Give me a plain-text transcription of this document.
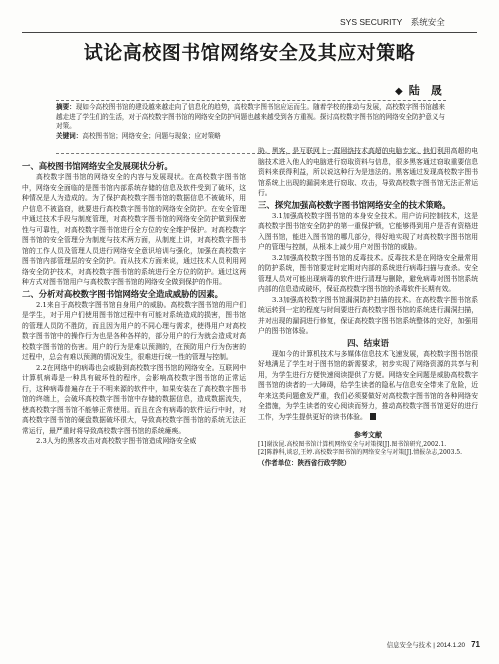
SYS SECURITY　系统安全
试论高校图书馆网络安全及其应对策略
◆ 陆　晟
摘要：现如今高校图书馆的建设越来越走向了信息化的趋势，高校数字图书馆应运而生。随着学校的推动与发展，高校数字图书馆越来越走进了学生们的生活，对于高校数字图书馆的网络安全防护问题也越来越受到各方重视。探讨高校数字图书馆的网络安全防护意义与对策。
关键词：高校图书馆；网络安全；问题与现象；应对策略

一、高校图书馆网络安全发展现状分析。

高校数字图书馆的网络安全的内容与发展现状。在高校数字图书馆中，网络安全面临的是图书馆内部系统存储的信息及软件受到了破坏，这种情况是人为造成的。为了保护高校数字图书馆的数据信息不被破坏，用户信息不被盗窃，就要进行高校数字图书馆的网络安全防护。在安全管理中通过技术手段与制度管理，对高校数字图书馆的网络安全防护做到保密性与可靠性，对高校数字图书馆进行全方位的安全维护保护。对高校数字图书馆的安全管理分为制度与技术两方面，从制度上讲，对高校数字图书馆的工作人员及管理人员进行网络安全意识培训与强化，加强在高校数字图书馆内部管理层的安全防护。而从技术方面来说，通过技术人员利用网络安全防护技术，对高校数字图书馆的系统进行全方位的防护。通过这两种方式对图书馆用户与高校数字图书馆的网络安全做到保护的作用。

二、分析对高校数字图书馆网络安全造成威胁的因素。

2.1来自于高校数字图书馆自身用户的威胁。高校数字图书馆的用户们是学生，对于用户们使用图书馆过程中有可能对系统造成的损害，图书馆的管理人员防不胜防，而且因为用户的不同心理与需求，使得用户对高校数字图书馆中的操作行为也是各种各样的，部分用户的行为就会造成对高校数字图书馆的伤害。用户的行为是难以预测的，在预防用户行为伤害的过程中，总会有难以预测的情况发生，很难进行统一性的管理与控制。

2.2在网络中的病毒也会威胁到高校数字图书馆的网络安全。互联网中计算机病毒是一种具有破坏性的程序，会影响高校数字图书馆的正常运行，这种病毒普遍存在于不明来源的软件中，如果安装在了高校数字图书馆的终端上，会破坏高校数字图书馆中存储的数据信息，造成数据流失，使高校数字图书馆不能够正常使用。而且在含有病毒的软件运行中时，对高校数字图书馆的硬盘数据破坏很大，导致高校数字图书馆的系统无法正常运行，最严重时将导致高校数字图书馆的系统瘫痪。

2.3人为的黑客攻击对高校数字图书馆造成网络安全威

胁。黑客，是互联网上一群网络技术高超的电脑专家。他们利用高超的电脑技术进入他人的电脑进行窃取资料与信息，很多黑客通过窃取重要信息资料来获得利益，所以说这种行为是违法的。黑客通过发现高校数字图书馆系统上出现的漏洞来进行窃取、攻击，导致高校数字图书馆无法正常运行。

三、探究加强高校数字图书馆网络安全的技术策略。

3.1加强高校数字图书馆的本身安全技术。用户访问控制技术，这是高校数字图书馆安全防护的第一重保护锁，它能够得到用户是否有资格进入图书馆，能进入图书馆的哪几部分，得好地实现了对高校数字图书馆用户的管理与控制，从根本上减少用户对图书馆的威胁。

3.2加强高校数字图书馆的反毒技术。反毒技术是在网络安全最常用的防护系统，图书馆要定时定期对内部的系统进行病毒扫描与查杀。安全管理人员对可能出现病毒的软件进行清理与删除，避免病毒对图书馆系统内部的信息造成破坏，保证高校数字图书馆的杀毒软件长期有效。

3.3加强高校数字图书馆漏洞防护扫描的技术。在高校数字图书馆系统运转到一定的程度与时间要进行高校数字图书馆的系统进行漏洞扫描，并对出现的漏洞进行修复，保证高校数字图书馆系统整体的完好，加强用户的图书馆体验。

四、结束语

现如今的计算机技术与多媒体信息技术飞速发展，高校数字图书馆很好地满足了学生对于图书馆的新需要求，初步实现了网络资源的共享与利用，为学生进行方便快速阅读提供了方便。网络安全问题是威胁高校数字图书馆的读者的一大障碍，给学生读者的隐私与信息安全带来了危险，近年来这类问题愈发严重，我们必须要做好对高校数字图书馆的各种网络安全措施，为学生读者的安心阅读而努力，推动高校数字图书馆更好的进行工作，为学生提供更好的读书体验。

参考文献

[1]谢汝昆.高校图书馆计算机网络安全与对策探[J].图书馆研究,2002.1.

[2]陈静科,谈忍,王婷.高校数字图书馆的网络安全与对策[J].情报杂志,2003.5.

（作者单位：陕西省行政学院）

信息安全与技术 | 2014.1.20 71
